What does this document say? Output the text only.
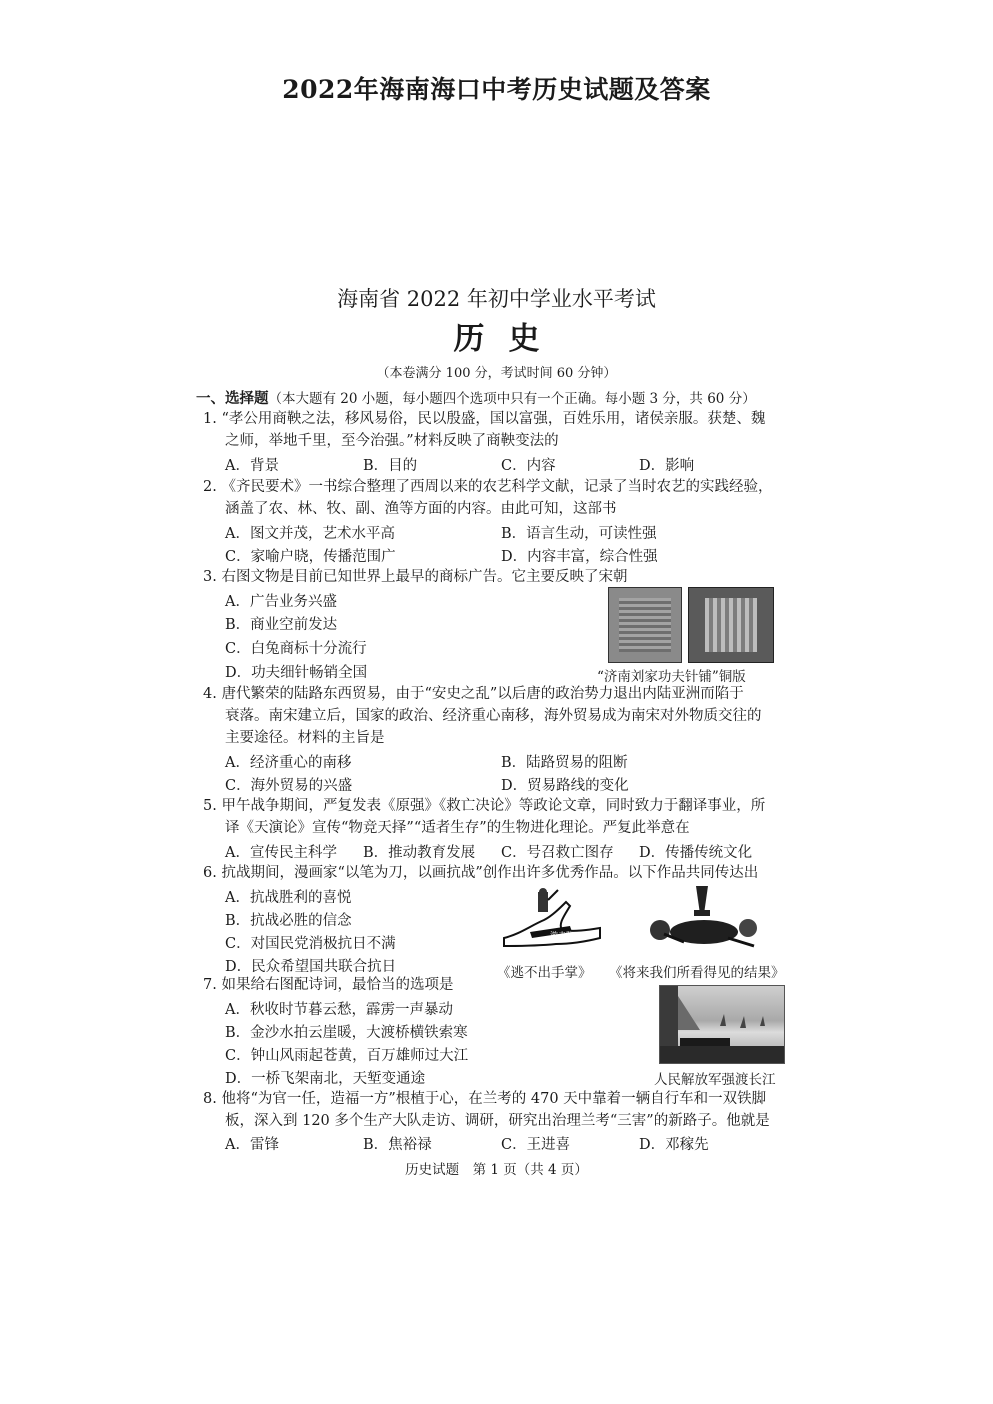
2022年海南海口中考历史试题及答案
海南省 2022 年初中学业水平考试
历史
（本卷满分 100 分，考试时间 60 分钟）
一、选择题（本大题有 20 小题，每小题四个选项中只有一个正确。每小题 3 分，共 60 分）
1. “孝公用商鞅之法，移风易俗，民以殷盛，国以富强，百姓乐用，诸侯亲服。获楚、魏
之师，举地千里，至今治强。”材料反映了商鞅变法的
A．背景	B．目的	C．内容	D．影响
2. 《齐民要术》一书综合整理了西周以来的农艺科学文献，记录了当时农艺的实践经验，
涵盖了农、林、牧、副、渔等方面的内容。由此可知，这部书
A．图文并茂，艺术水平高	B．语言生动，可读性强
C．家喻户晓，传播范围广	D．内容丰富，综合性强
3. 右图文物是目前已知世界上最早的商标广告。它主要反映了宋朝
A．广告业务兴盛
B．商业空前发达
C．白兔商标十分流行
D．功夫细针畅销全国	“济南刘家功夫针铺”铜版
4. 唐代繁荣的陆路东西贸易，由于“安史之乱”以后唐的政治势力退出内陆亚洲而陷于
衰落。南宋建立后，国家的政治、经济重心南移，海外贸易成为南宋对外物质交往的
主要途径。材料的主旨是
A．经济重心的南移	B．陆路贸易的阻断
C．海外贸易的兴盛	D．贸易路线的变化
5. 甲午战争期间，严复发表《原强》《救亡决论》等政论文章，同时致力于翻译事业，所
译《天演论》宣传“物竞天择”“适者生存”的生物进化理论。严复此举意在
A．宣传民主科学 B．推动教育发展 C．号召救亡图存 D．传播传统文化
6. 抗战期间，漫画家“以笔为刀，以画抗战”创作出许多优秀作品。以下作品共同传达出
A．抗战胜利的喜悦
B．抗战必胜的信念
C．对国民党消极抗日不满
D．民众希望国共联合抗日
游击队
《逃不出手掌》 《将来我们所看得见的结果》
7. 如果给右图配诗词，最恰当的选项是
A．秋收时节暮云愁，霹雳一声暴动
B．金沙水拍云崖暖，大渡桥横铁索寒
C．钟山风雨起苍黄，百万雄师过大江
D．一桥飞架南北，天堑变通途	人民解放军强渡长江
8. 他将“为官一任，造福一方”根植于心，在兰考的 470 天中靠着一辆自行车和一双铁脚
板，深入到 120 多个生产大队走访、调研，研究出治理兰考“三害”的新路子。他就是
A．雷锋	B．焦裕禄	C．王进喜	D．邓稼先
历史试题　第 1 页（共 4 页）
